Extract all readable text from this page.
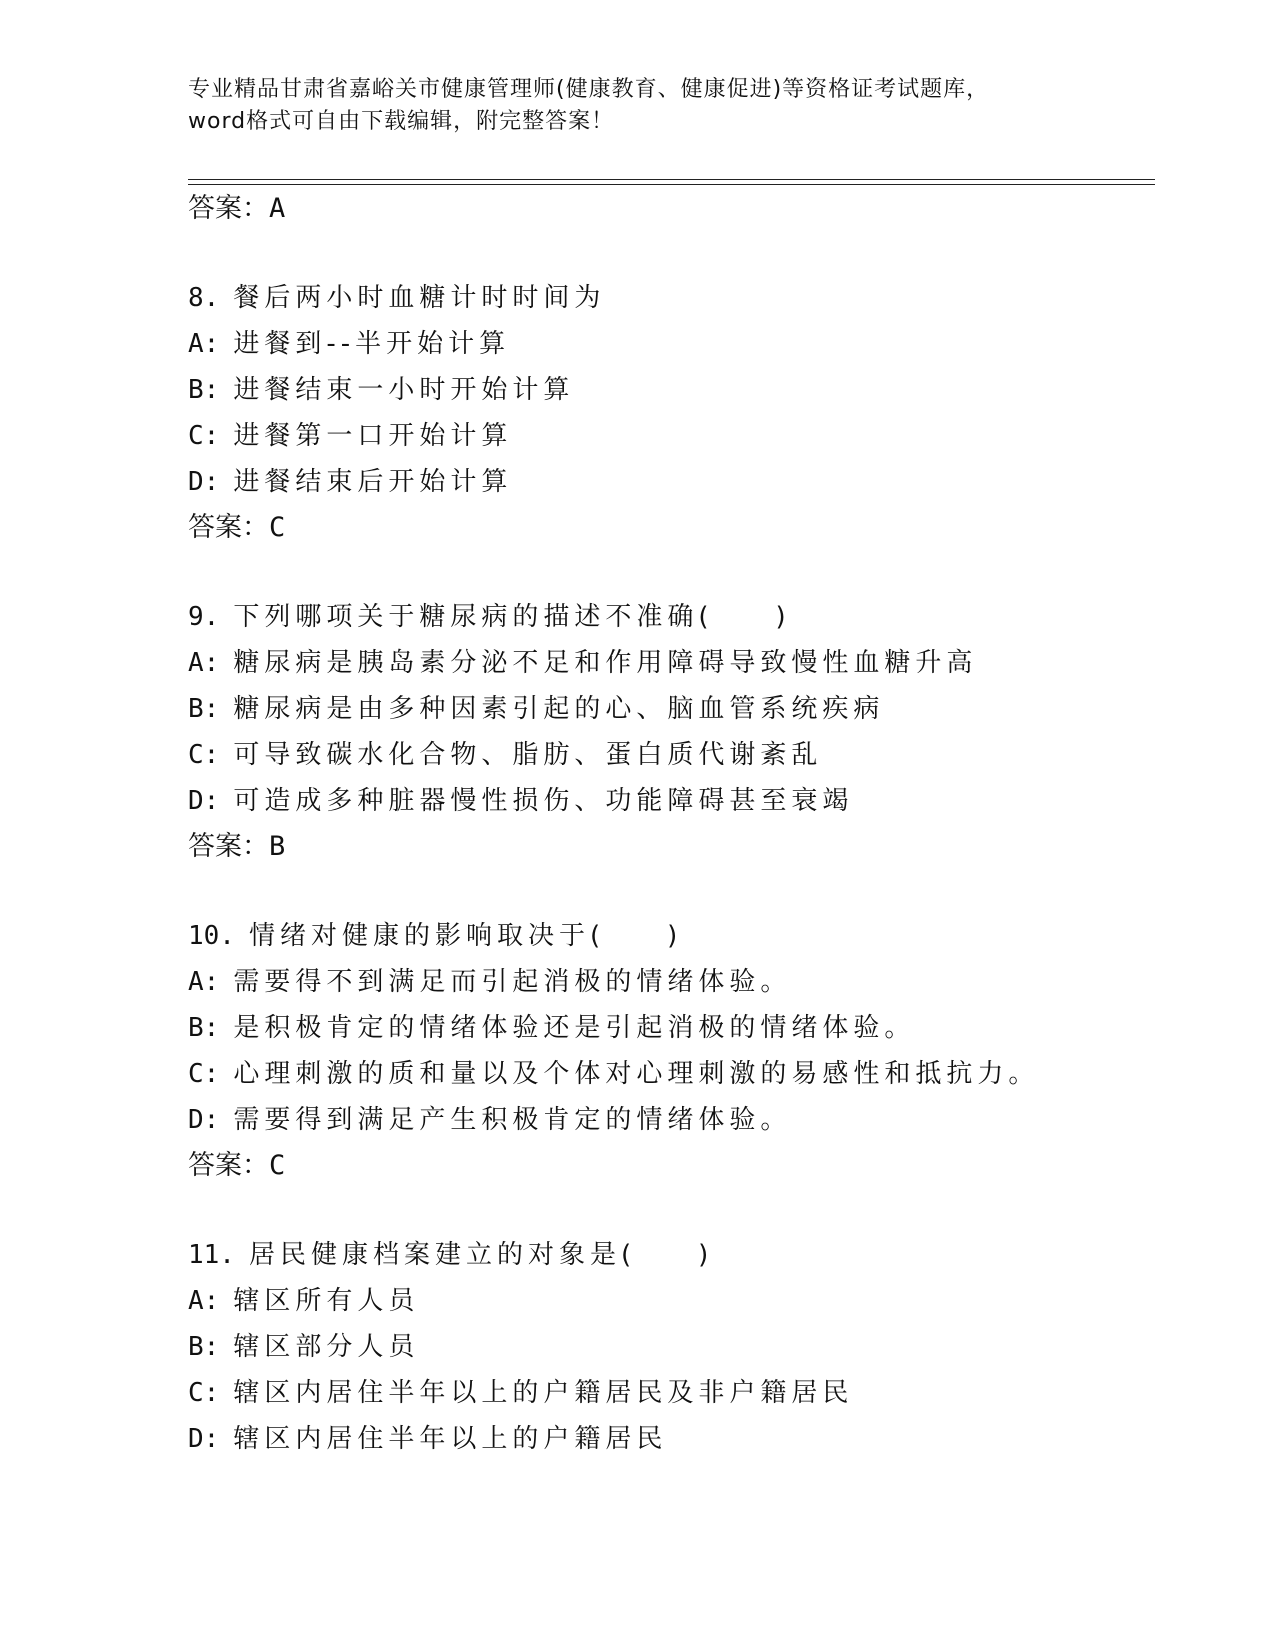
专业精品甘肃省嘉峪关市健康管理师(健康教育、健康促进)等资格证考试题库，
word格式可自由下载编辑，附完整答案！
答案：A
8. 餐后两小时血糖计时时间为
A: 进餐到--半开始计算
B: 进餐结束一小时开始计算
C: 进餐第一口开始计算
D: 进餐结束后开始计算
答案：C
9. 下列哪项关于糖尿病的描述不准确(　　)
A: 糖尿病是胰岛素分泌不足和作用障碍导致慢性血糖升高
B: 糖尿病是由多种因素引起的心、脑血管系统疾病
C: 可导致碳水化合物、脂肪、蛋白质代谢紊乱
D: 可造成多种脏器慢性损伤、功能障碍甚至衰竭
答案：B
10. 情绪对健康的影响取决于(　　)
A: 需要得不到满足而引起消极的情绪体验。
B: 是积极肯定的情绪体验还是引起消极的情绪体验。
C: 心理刺激的质和量以及个体对心理刺激的易感性和抵抗力。
D: 需要得到满足产生积极肯定的情绪体验。
答案：C
11. 居民健康档案建立的对象是(　　)
A: 辖区所有人员
B: 辖区部分人员
C: 辖区内居住半年以上的户籍居民及非户籍居民
D: 辖区内居住半年以上的户籍居民
